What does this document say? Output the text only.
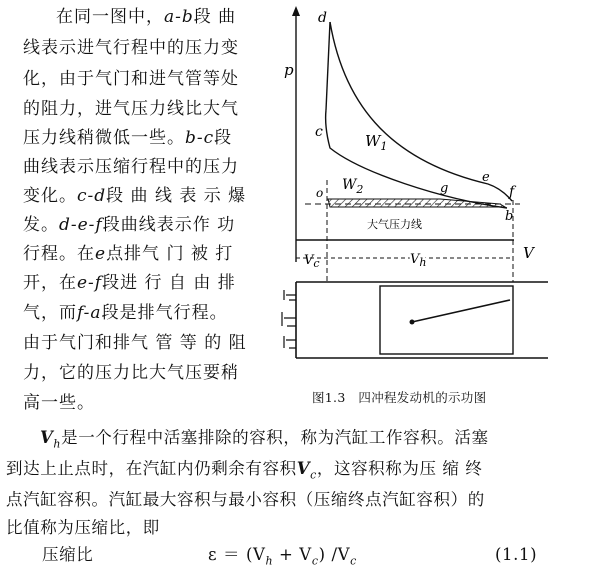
在同一图中，a-b段 曲
线表示进气行程中的压力变
化，由于气门和进气管等处
的阻力，进气压力线比大气
压力线稍微低一些。b-c段
曲线表示压缩行程中的压力
变化。c-d段 曲 线 表 示 爆
发。d-e-f段曲线表示作 功
行程。在e点排气 门 被 打
开，在e-f段进 行 自 由 排
气，而f-a段是排气行程。
由于气门和排气 管 等 的 阻
力，它的压力比大气压要稍
高一些。
d
p
c	$W_1$
$W_2$
o	g
e
f
b
大气压力线
V
$V_c$	$V_h$
图1.3   四冲程发动机的示功图
$V_h$是一个行程中活塞排除的容积，称为汽缸工作容积。活塞
到达上止点时，在汽缸内仍剩余有容积$V_c$，这容积称为压 缩 终
点汽缸容积。汽缸最大容积与最小容积（压缩终点汽缸容积）的
比值称为压缩比，即
压缩比	$\varepsilon = (V_h + V_c)$ $/V_c$	(1.1)
